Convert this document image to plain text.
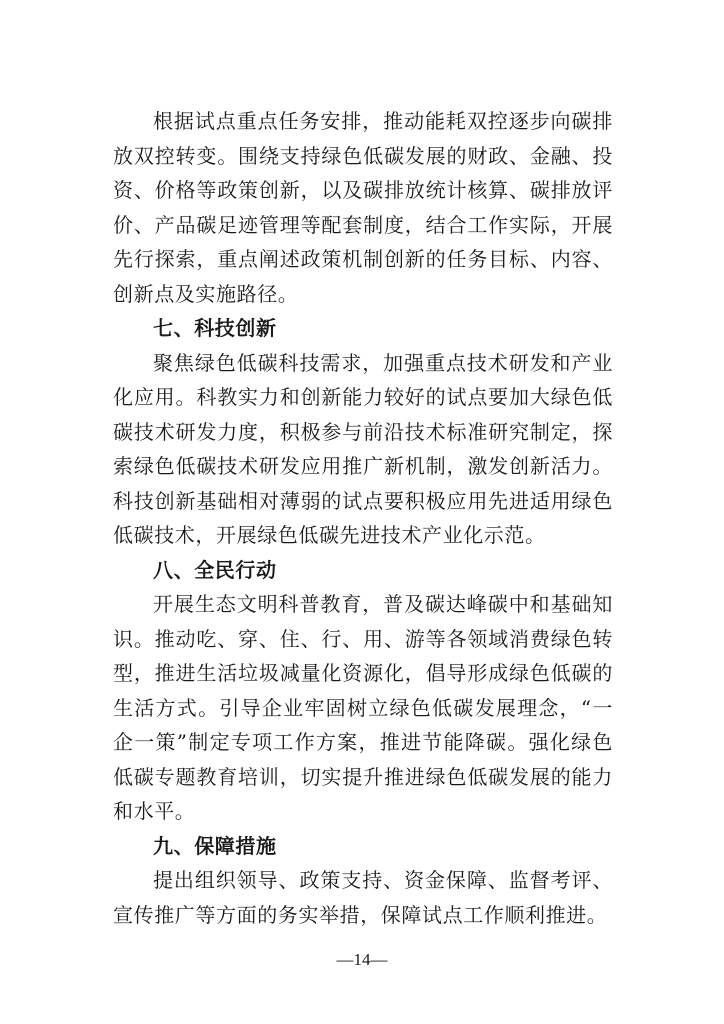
根据试点重点任务安排，推动能耗双控逐步向碳排放双控转变。围绕支持绿色低碳发展的财政、金融、投资、价格等政策创新，以及碳排放统计核算、碳排放评价、产品碳足迹管理等配套制度，结合工作实际，开展先行探索，重点阐述政策机制创新的任务目标、内容、创新点及实施路径。

七、科技创新

聚焦绿色低碳科技需求，加强重点技术研发和产业化应用。科教实力和创新能力较好的试点要加大绿色低碳技术研发力度，积极参与前沿技术标准研究制定，探索绿色低碳技术研发应用推广新机制，激发创新活力。科技创新基础相对薄弱的试点要积极应用先进适用绿色低碳技术，开展绿色低碳先进技术产业化示范。

八、全民行动

开展生态文明科普教育，普及碳达峰碳中和基础知识。推动吃、穿、住、行、用、游等各领域消费绿色转型，推进生活垃圾减量化资源化，倡导形成绿色低碳的生活方式。引导企业牢固树立绿色低碳发展理念，“一企一策”制定专项工作方案，推进节能降碳。强化绿色低碳专题教育培训，切实提升推进绿色低碳发展的能力和水平。

九、保障措施

提出组织领导、政策支持、资金保障、监督考评、宣传推广等方面的务实举措，保障试点工作顺利推进。

—14—
